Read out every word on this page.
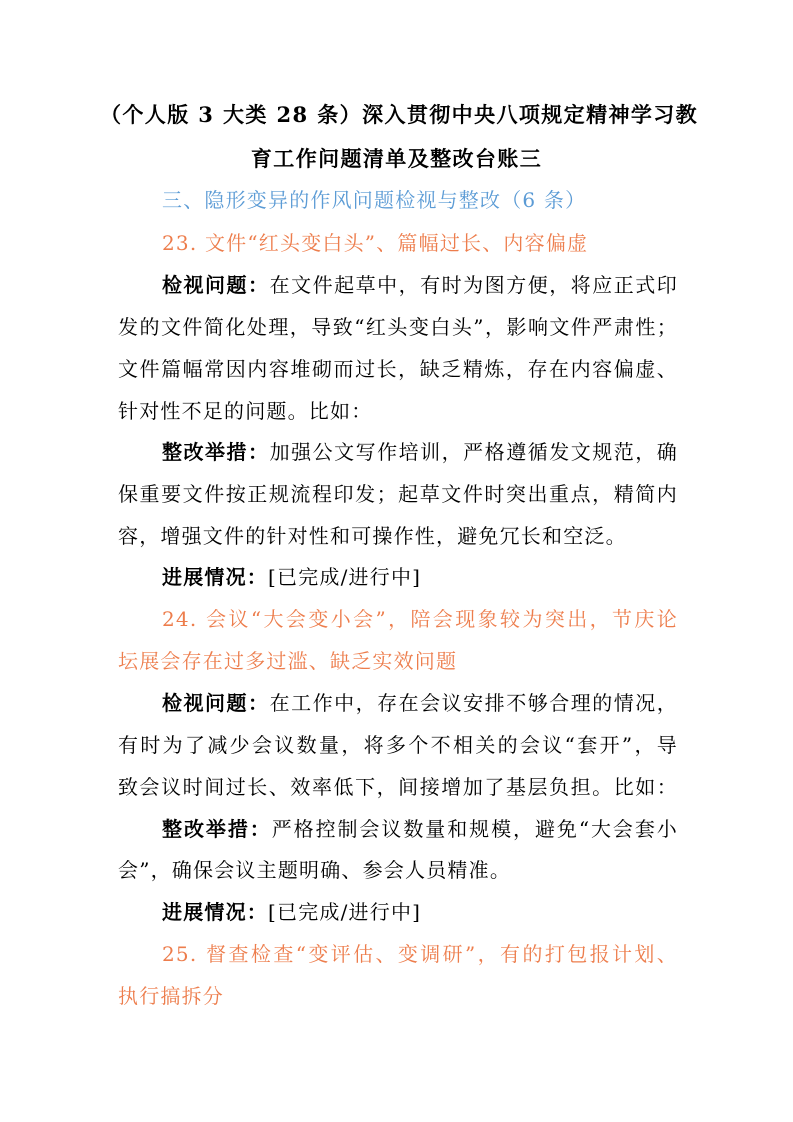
（个人版 3 大类 28 条）深入贯彻中央八项规定精神学习教
育工作问题清单及整改台账三
三、隐形变异的作风问题检视与整改（6 条）
23. 文件“红头变白头”、篇幅过长、内容偏虚
检视问题：在文件起草中，有时为图方便，将应正式印
发的文件简化处理，导致“红头变白头”，影响文件严肃性；
文件篇幅常因内容堆砌而过长，缺乏精炼，存在内容偏虚、
针对性不足的问题。比如：
整改举措：加强公文写作培训，严格遵循发文规范，确
保重要文件按正规流程印发；起草文件时突出重点，精简内
容，增强文件的针对性和可操作性，避免冗长和空泛。
进展情况：[已完成/进行中]
24. 会议“大会变小会”，陪会现象较为突出，节庆论
坛展会存在过多过滥、缺乏实效问题
检视问题：在工作中，存在会议安排不够合理的情况，
有时为了减少会议数量，将多个不相关的会议“套开”，导
致会议时间过长、效率低下，间接增加了基层负担。比如：
整改举措：严格控制会议数量和规模，避免“大会套小
会”，确保会议主题明确、参会人员精准。
进展情况：[已完成/进行中]
25. 督查检查“变评估、变调研”，有的打包报计划、
执行搞拆分
